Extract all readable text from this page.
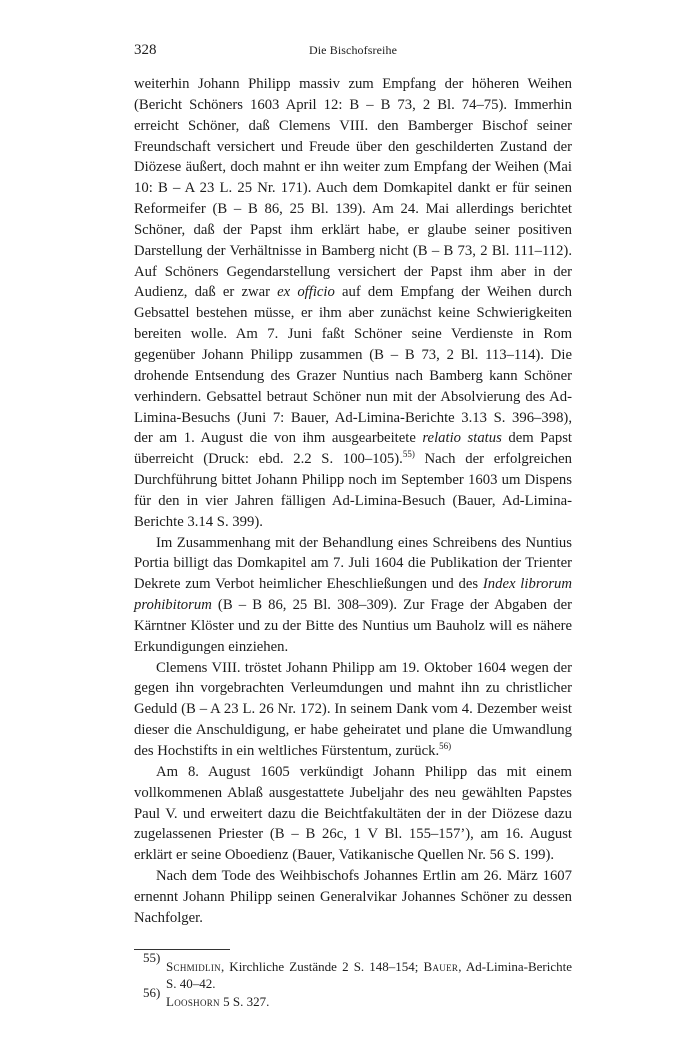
328	Die Bischofsreihe

weiterhin Johann Philipp massiv zum Empfang der höheren Weihen (Bericht Schöners 1603 April 12: B – B 73, 2 Bl. 74–75). Immerhin erreicht Schöner, daß Clemens VIII. den Bamberger Bischof seiner Freundschaft versichert und Freude über den geschilderten Zustand der Diözese äußert, doch mahnt er ihn weiter zum Empfang der Weihen (Mai 10: B – A 23 L. 25 Nr. 171). Auch dem Domkapitel dankt er für seinen Reformeifer (B – B 86, 25 Bl. 139). Am 24. Mai allerdings berichtet Schöner, daß der Papst ihm erklärt habe, er glaube seiner positiven Darstellung der Verhältnisse in Bamberg nicht (B – B 73, 2 Bl. 111–112). Auf Schöners Gegendarstellung versichert der Papst ihm aber in der Audienz, daß er zwar ex officio auf dem Empfang der Weihen durch Gebsattel bestehen müsse, er ihm aber zunächst keine Schwierigkeiten bereiten wolle. Am 7. Juni faßt Schöner seine Verdienste in Rom gegenüber Johann Philipp zusammen (B – B 73, 2 Bl. 113–114). Die drohende Entsendung des Grazer Nuntius nach Bamberg kann Schöner verhindern. Gebsattel betraut Schöner nun mit der Absolvierung des Ad-Limina-Besuchs (Juni 7: Bauer, Ad-Limina-Berichte 3.13 S. 396–398), der am 1. August die von ihm ausgearbeitete relatio status dem Papst überreicht (Druck: ebd. 2.2 S. 100–105).$^{55)}$ Nach der erfolgreichen Durchführung bittet Johann Philipp noch im September 1603 um Dispens für den in vier Jahren fälligen Ad-Limina-Besuch (Bauer, Ad-Limina-Berichte 3.14 S. 399).

Im Zusammenhang mit der Behandlung eines Schreibens des Nuntius Portia billigt das Domkapitel am 7. Juli 1604 die Publikation der Trienter Dekrete zum Verbot heimlicher Eheschließungen und des Index librorum prohibitorum (B – B 86, 25 Bl. 308–309). Zur Frage der Abgaben der Kärntner Klöster und zu der Bitte des Nuntius um Bauholz will es nähere Erkundigungen einziehen.

Clemens VIII. tröstet Johann Philipp am 19. Oktober 1604 wegen der gegen ihn vorgebrachten Verleumdungen und mahnt ihn zu christlicher Geduld (B – A 23 L. 26 Nr. 172). In seinem Dank vom 4. Dezember weist dieser die Anschuldigung, er habe geheiratet und plane die Umwandlung des Hochstifts in ein weltliches Fürstentum, zurück.$^{56)}$

Am 8. August 1605 verkündigt Johann Philipp das mit einem vollkommenen Ablaß ausgestattete Jubeljahr des neu gewählten Papstes Paul V. und erweitert dazu die Beichtfakultäten der in der Diözese dazu zugelassenen Priester (B – B 26c, 1 V Bl. 155–157’), am 16. August erklärt er seine Oboedienz (Bauer, Vatikanische Quellen Nr. 56 S. 199).

Nach dem Tode des Weihbischofs Johannes Ertlin am 26. März 1607 ernennt Johann Philipp seinen Generalvikar Johannes Schöner zu dessen Nachfolger.

55)
Schmidlin, Kirchliche Zustände 2 S. 148–154; Bauer, Ad-Limina-Berichte S. 40–42.
56)
Looshorn 5 S. 327.
